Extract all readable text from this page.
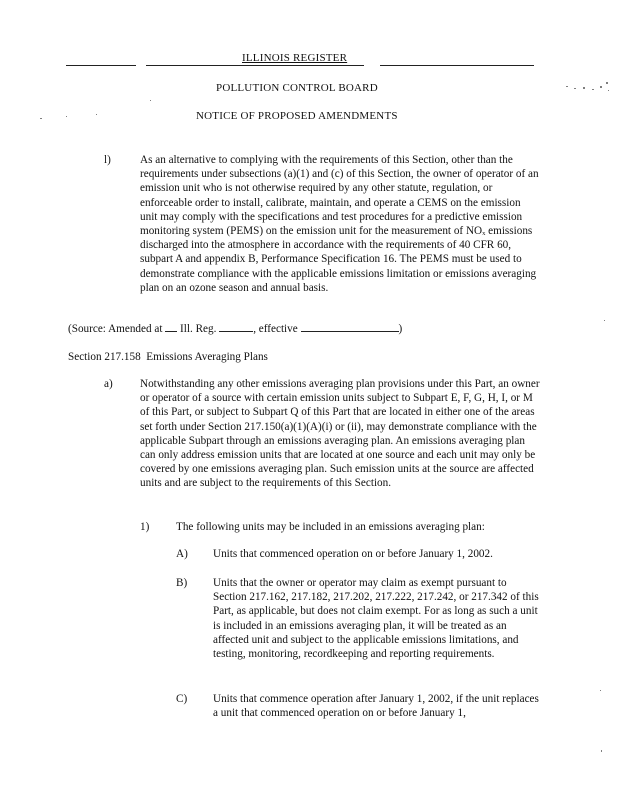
ILLINOIS REGISTER
POLLUTION CONTROL BOARD
NOTICE OF PROPOSED AMENDMENTS
l)	As an alternative to complying with the requirements of this Section, other than the requirements under subsections (a)(1) and (c) of this Section, the owner of operator of an emission unit who is not otherwise required by any other statute, regulation, or enforceable order to install, calibrate, maintain, and operate a CEMS on the emission unit may comply with the specifications and test procedures for a predictive emission monitoring system (PEMS) on the emission unit for the measurement of NOₓ emissions discharged into the atmosphere in accordance with the requirements of 40 CFR 60, subpart A and appendix B, Performance Specification 16. The PEMS must be used to demonstrate compliance with the applicable emissions limitation or emissions averaging plan on an ozone season and annual basis.
(Source: Amended at Ill. Reg.	, effective	)
Section 217.158  Emissions Averaging Plans
a) Notwithstanding any other emissions averaging plan provisions under this Part, an owner or operator of a source with certain emission units subject to Subpart E, F, G, H, I, or M of this Part, or subject to Subpart Q of this Part that are located in either one of the areas set forth under Section 217.150(a)(1)(A)(i) or (ii), may demonstrate compliance with the applicable Subpart through an emissions averaging plan. An emissions averaging plan can only address emission units that are located at one source and each unit may only be covered by one emissions averaging plan. Such emission units at the source are affected units and are subject to the requirements of this Section.
1) The following units may be included in an emissions averaging plan:
A) Units that commenced operation on or before January 1, 2002.
B) Units that the owner or operator may claim as exempt pursuant to Section 217.162, 217.182, 217.202, 217.222, 217.242, or 217.342 of this Part, as applicable, but does not claim exempt. For as long as such a unit is included in an emissions averaging plan, it will be treated as an affected unit and subject to the applicable emissions limitations, and testing, monitoring, recordkeeping and reporting requirements.
C) Units that commence operation after January 1, 2002, if the unit replaces a unit that commenced operation on or before January 1,
